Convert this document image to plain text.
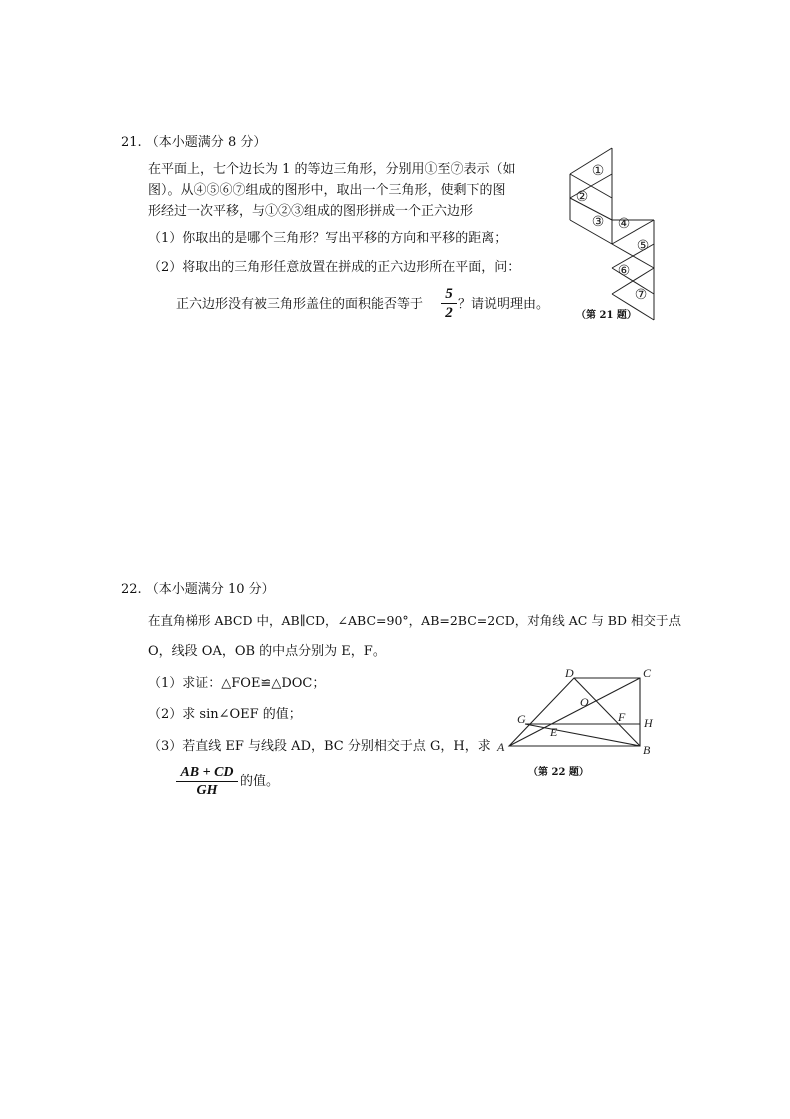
21. （本小题满分 8 分）
在平面上，七个边长为 1 的等边三角形，分别用①至⑦表示（如
图）。从④⑤⑥⑦组成的图形中，取出一个三角形，使剩下的图
形经过一次平移，与①②③组成的图形拼成一个正六边形
（1）你取出的是哪个三角形？写出平移的方向和平移的距离；
（2）将取出的三角形任意放置在拼成的正六边形所在平面，问：
正六边形没有被三角形盖住的面积能否等于
5
2
？请说明理由。
①
②
③ ④
⑤
⑥
⑦
（第 21 题）
22. （本小题满分 10 分）
在直角梯形 ABCD 中，AB∥CD，∠ABC=90°，AB=2BC=2CD，对角线 AC 与 BD 相交于点
O，线段 OA，OB 的中点分别为 E，F。
（1）求证：△FOE≌△DOC；
（2）求 sin∠OEF 的值；
（3）若直线 EF 与线段 AD，BC 分别相交于点 G，H，求
AB + CD
GH
的值。
D	C
O
G	F H
E
A	B
（第 22 题）
